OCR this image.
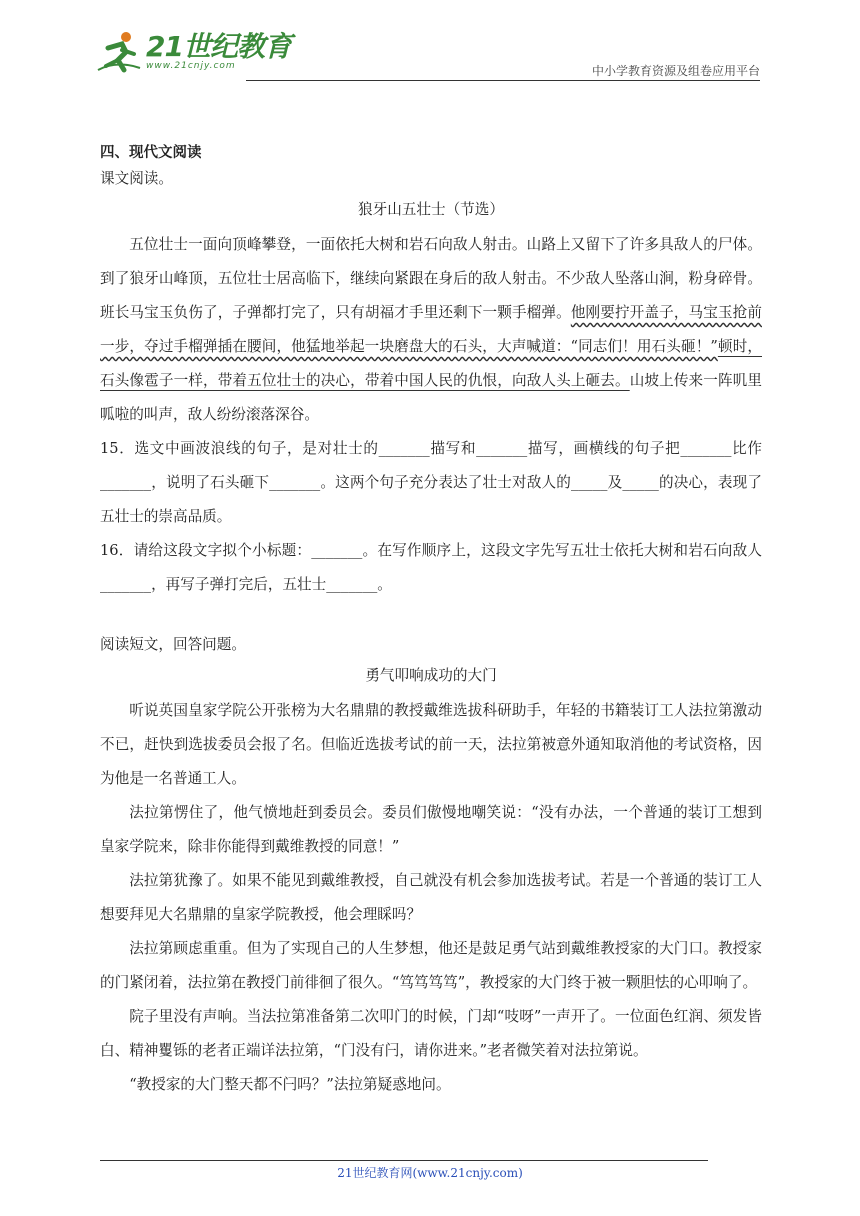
21世纪教育
www.21cnjy.com	中小学教育资源及组卷应用平台
四、现代文阅读
课文阅读。
狼牙山五壮士（节选）
五位壮士一面向顶峰攀登，一面依托大树和岩石向敌人射击。山路上又留下了许多具敌人的尸体。到了狼牙山峰顶，五位壮士居高临下，继续向紧跟在身后的敌人射击。不少敌人坠落山涧，粉身碎骨。班长马宝玉负伤了，子弹都打完了，只有胡福才手里还剩下一颗手榴弹。他刚要拧开盖子，马宝玉抢前一步，夺过手榴弹插在腰间，他猛地举起一块磨盘大的石头，大声喊道：“同志们！用石头砸！”顿时，石头像雹子一样，带着五位壮士的决心，带着中国人民的仇恨，向敌人头上砸去。山坡上传来一阵叽里呱啦的叫声，敌人纷纷滚落深谷。
15．选文中画波浪线的句子，是对壮士的_______描写和_______描写，画横线的句子把_______比作_______，说明了石头砸下_______。这两个句子充分表达了壮士对敌人的_____及_____的决心，表现了五壮士的崇高品质。
16．请给这段文字拟个小标题：_______。在写作顺序上，这段文字先写五壮士依托大树和岩石向敌人_______，再写子弹打完后，五壮士_______。
阅读短文，回答问题。
勇气叩响成功的大门
听说英国皇家学院公开张榜为大名鼎鼎的教授戴维选拔科研助手，年轻的书籍装订工人法拉第激动不已，赶快到选拔委员会报了名。但临近选拔考试的前一天，法拉第被意外通知取消他的考试资格，因为他是一名普通工人。
法拉第愣住了，他气愤地赶到委员会。委员们傲慢地嘲笑说：“没有办法，一个普通的装订工想到皇家学院来，除非你能得到戴维教授的同意！”
法拉第犹豫了。如果不能见到戴维教授，自己就没有机会参加选拔考试。若是一个普通的装订工人想要拜见大名鼎鼎的皇家学院教授，他会理睬吗？
法拉第顾虑重重。但为了实现自己的人生梦想，他还是鼓足勇气站到戴维教授家的大门口。教授家的门紧闭着，法拉第在教授门前徘徊了很久。“笃笃笃笃”，教授家的大门终于被一颗胆怯的心叩响了。
院子里没有声响。当法拉第准备第二次叩门的时候，门却“吱呀”一声开了。一位面色红润、须发皆白、精神矍铄的老者正端详法拉第，“门没有闩，请你进来。”老者微笑着对法拉第说。
“教授家的大门整天都不闩吗？”法拉第疑惑地问。
21世纪教育网(www.21cnjy.com)
